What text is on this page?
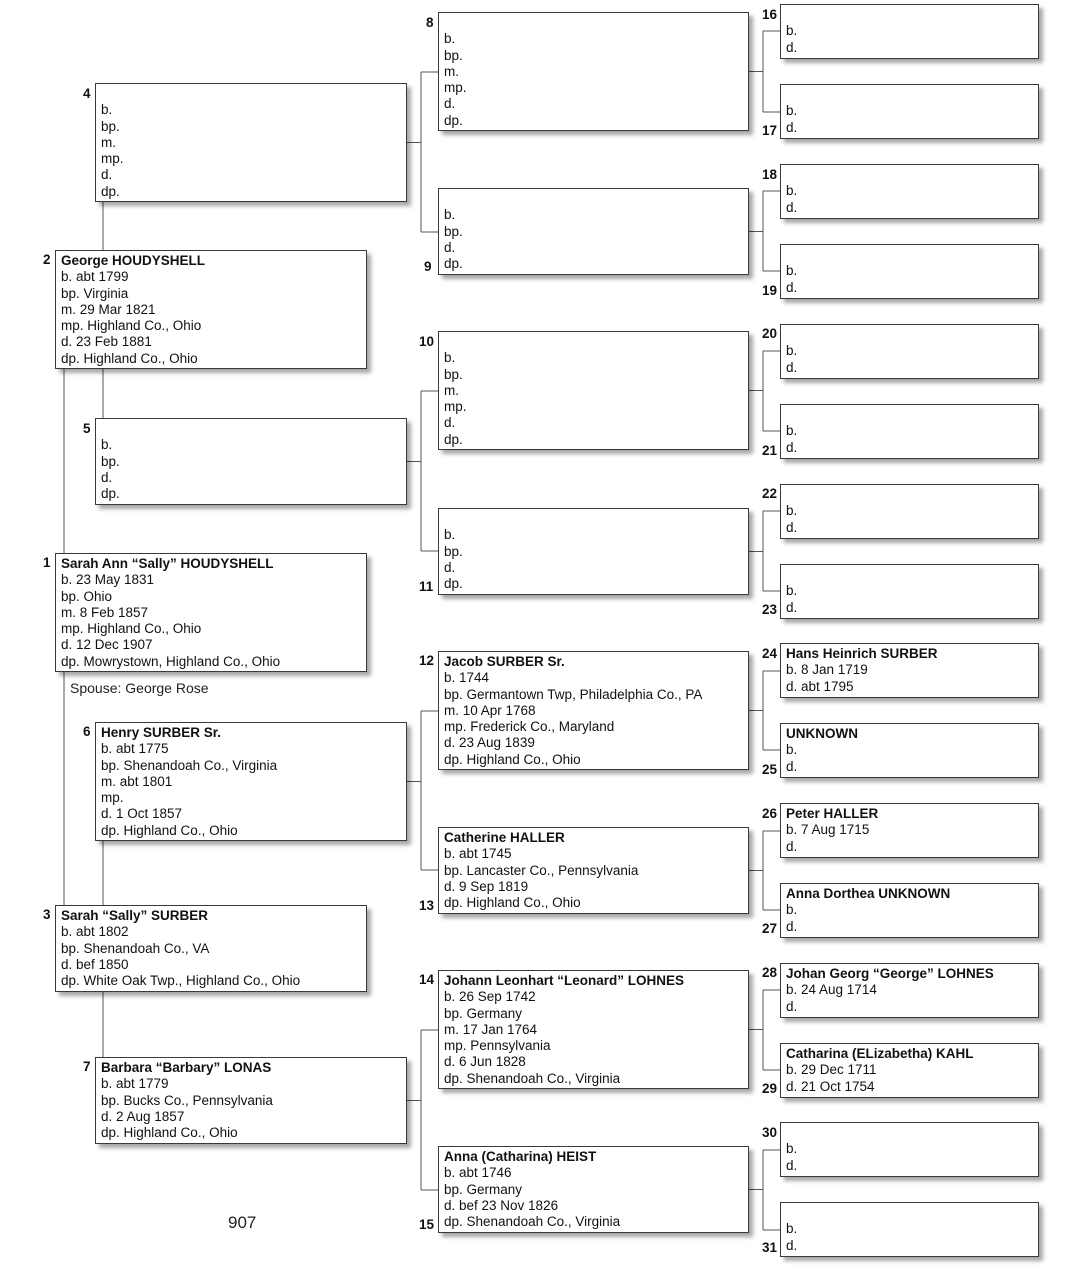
Sarah Ann “Sally” HOUDYSHELL
b. 23 May 1831
bp. Ohio
m. 8 Feb 1857
mp. Highland Co., Ohio
d. 12 Dec 1907
dp. Mowrystown, Highland Co., Ohio
1
George HOUDYSHELL
b. abt 1799
bp. Virginia
m. 29 Mar 1821
mp. Highland Co., Ohio
d. 23 Feb 1881
dp. Highland Co., Ohio
2
Sarah “Sally” SURBER
b. abt 1802
bp. Shenandoah Co., VA
d. bef 1850
dp. White Oak Twp., Highland Co., Ohio
3

b.
bp.
m.
mp.
d.
dp.
4

b.
bp.
d.
dp.
5
Henry SURBER Sr.
b. abt 1775
bp. Shenandoah Co., Virginia
m. abt 1801
mp.
d. 1 Oct 1857
dp. Highland Co., Ohio
6
Barbara “Barbary” LONAS
b. abt 1779
bp. Bucks Co., Pennsylvania
d. 2 Aug 1857
dp. Highland Co., Ohio
7

b.
bp.
m.
mp.
d.
dp.
8

b.
bp.
d.
dp.
9

b.
bp.
m.
mp.
d.
dp.
10

b.
bp.
d.
dp.
11
Jacob SURBER Sr.
b. 1744
bp. Germantown Twp, Philadelphia Co., PA
m. 10 Apr 1768
mp. Frederick Co., Maryland
d. 23 Aug 1839
dp. Highland Co., Ohio
12
Catherine HALLER
b. abt 1745
bp. Lancaster Co., Pennsylvania
d. 9 Sep 1819
dp. Highland Co., Ohio
13
Johann Leonhart “Leonard” LOHNES
b. 26 Sep 1742
bp. Germany
m. 17 Jan 1764
mp. Pennsylvania
d. 6 Jun 1828
dp. Shenandoah Co., Virginia
14
Anna (Catharina) HEIST
b. abt 1746
bp. Germany
d. bef 23 Nov 1826
dp. Shenandoah Co., Virginia
15

b.
d.
16

b.
d.
17

b.
d.
18

b.
d.
19

b.
d.
20

b.
d.
21

b.
d.
22

b.
d.
23
Hans Heinrich SURBER
b. 8 Jan 1719
d. abt 1795
24
UNKNOWN
b.
d.
25
Peter HALLER
b. 7 Aug 1715
d.
26
Anna Dorthea UNKNOWN
b.
d.
27
Johan Georg “George” LOHNES
b. 24 Aug 1714
d.
28
Catharina (ELizabetha) KAHL
b. 29 Dec 1711
d. 21 Oct 1754
29

b.
d.
30

b.
d.
31
Spouse: George Rose
907
